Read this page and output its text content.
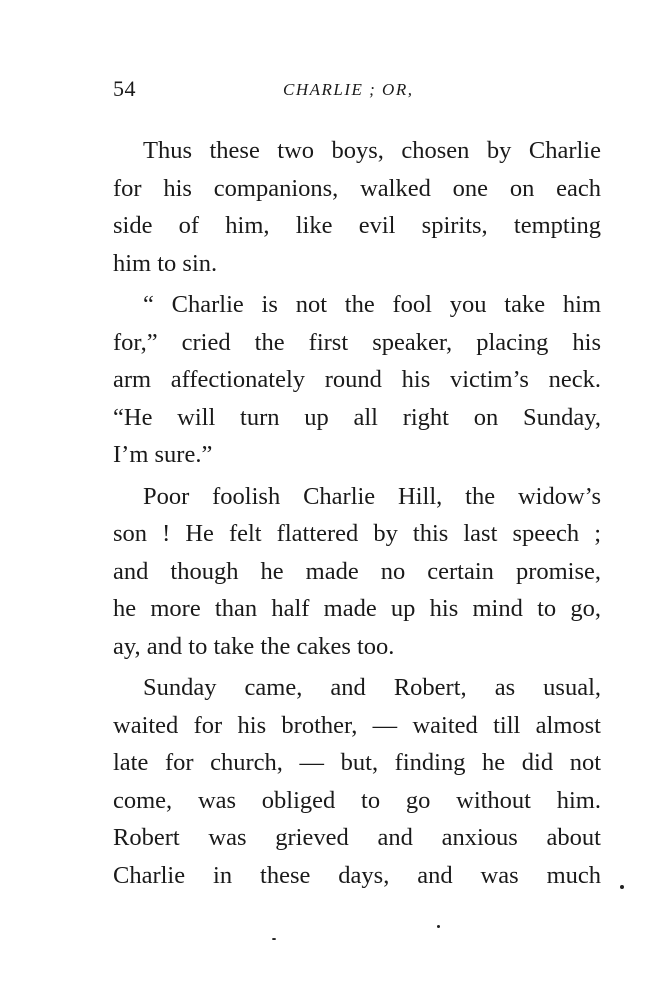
54	CHARLIE ; OR,
Thus these two boys, chosen by Charlie
for his companions, walked one on each
side of him, like evil spirits, tempting
him to sin.
“ Charlie is not the fool you take him
for,” cried the first speaker, placing his
arm affectionately round his victim’s neck.
“He will turn up all right on Sunday,
I’m sure.”
Poor foolish Charlie Hill, the widow’s
son ! He felt flattered by this last speech ;
and though he made no certain promise,
he more than half made up his mind to go,
ay, and to take the cakes too.
Sunday came, and Robert, as usual,
waited for his brother, — waited till almost
late for church, — but, finding he did not
come, was obliged to go without him.
Robert was grieved and anxious about
Charlie in these days, and was much
